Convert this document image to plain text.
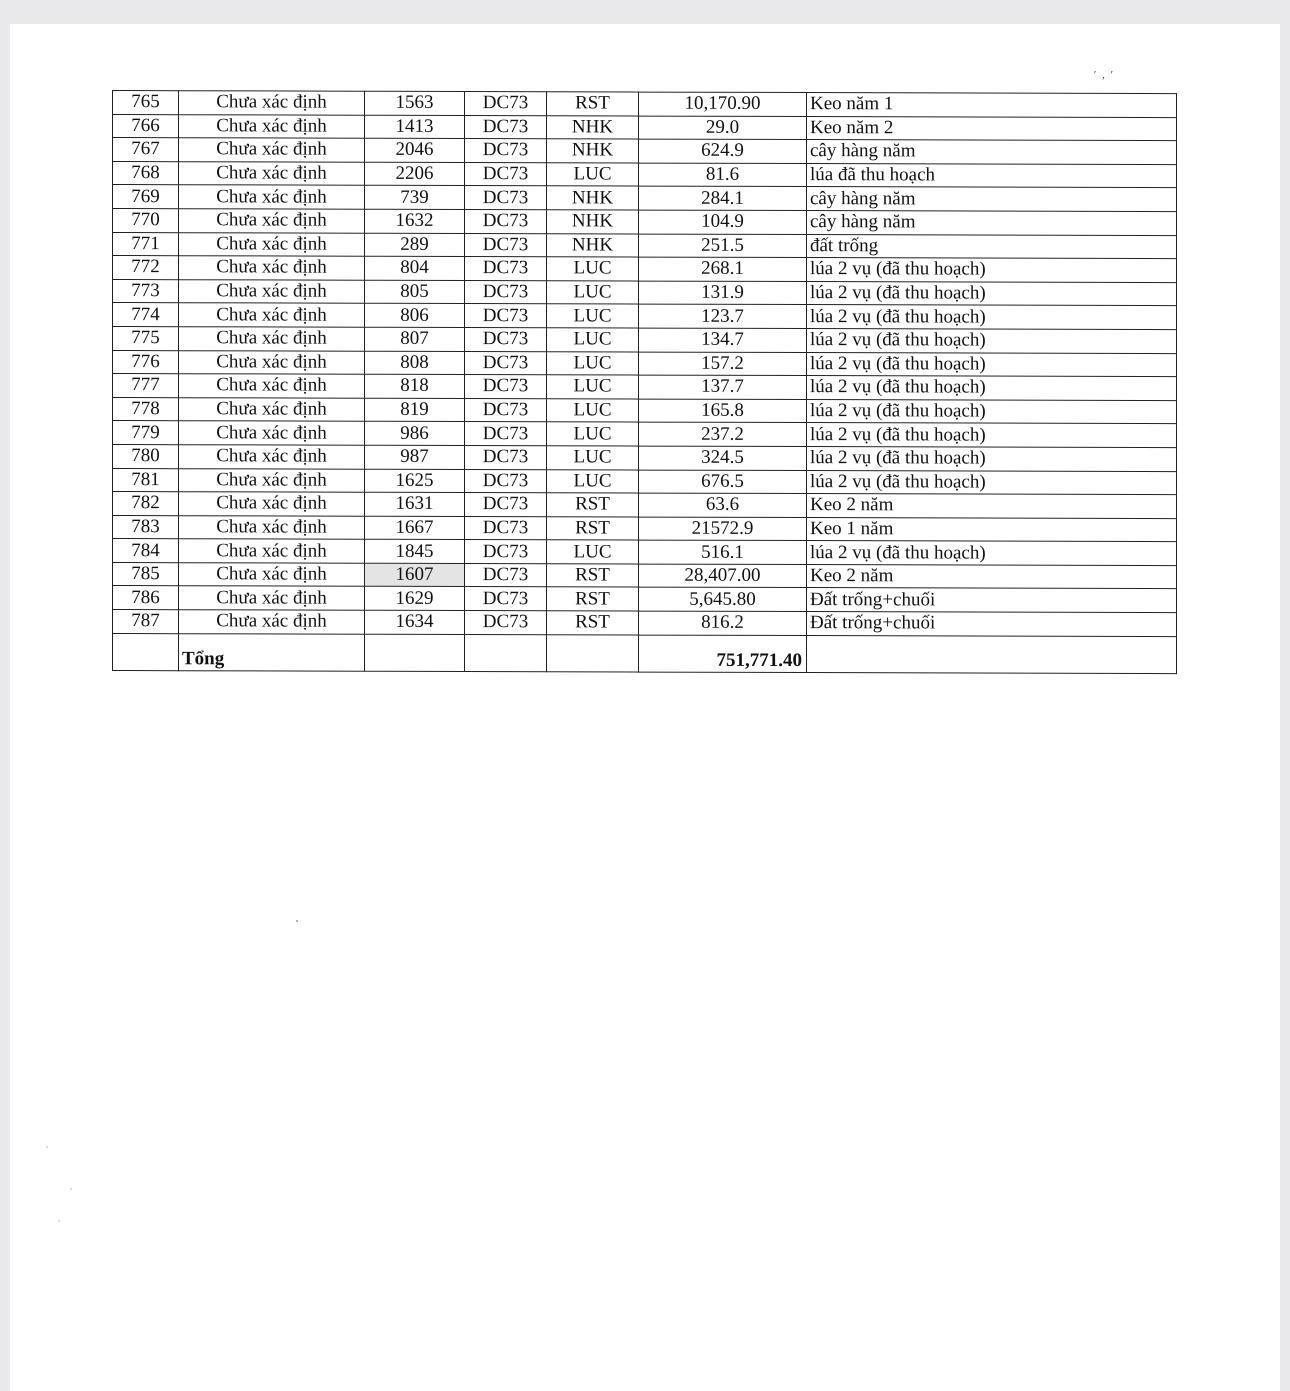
′,′
765	Chưa xác định	1563	DC73	RST	10,170.90	Keo năm 1
766	Chưa xác định	1413	DC73	NHK	29.0	Keo năm 2
767	Chưa xác định	2046	DC73	NHK	624.9	cây hàng năm
768	Chưa xác định	2206	DC73	LUC	81.6	lúa đã thu hoạch
769	Chưa xác định	739	DC73	NHK	284.1	cây hàng năm
770	Chưa xác định	1632	DC73	NHK	104.9	cây hàng năm
771	Chưa xác định	289	DC73	NHK	251.5	đất trống
772	Chưa xác định	804	DC73	LUC	268.1	lúa 2 vụ (đã thu hoạch)
773	Chưa xác định	805	DC73	LUC	131.9	lúa 2 vụ (đã thu hoạch)
774	Chưa xác định	806	DC73	LUC	123.7	lúa 2 vụ (đã thu hoạch)
775	Chưa xác định	807	DC73	LUC	134.7	lúa 2 vụ (đã thu hoạch)
776	Chưa xác định	808	DC73	LUC	157.2	lúa 2 vụ (đã thu hoạch)
777	Chưa xác định	818	DC73	LUC	137.7	lúa 2 vụ (đã thu hoạch)
778	Chưa xác định	819	DC73	LUC	165.8	lúa 2 vụ (đã thu hoạch)
779	Chưa xác định	986	DC73	LUC	237.2	lúa 2 vụ (đã thu hoạch)
780	Chưa xác định	987	DC73	LUC	324.5	lúa 2 vụ (đã thu hoạch)
781	Chưa xác định	1625	DC73	LUC	676.5	lúa 2 vụ (đã thu hoạch)
782	Chưa xác định	1631	DC73	RST	63.6	Keo 2 năm
783	Chưa xác định	1667	DC73	RST	21572.9	Keo 1 năm
784	Chưa xác định	1845	DC73	LUC	516.1	lúa 2 vụ (đã thu hoạch)
785	Chưa xác định	1607	DC73	RST	28,407.00	Keo 2 năm
786	Chưa xác định	1629	DC73	RST	5,645.80	Đất trống+chuối
787	Chưa xác định	1634	DC73	RST	816.2	Đất trống+chuối
	Tổng				751,771.40	
